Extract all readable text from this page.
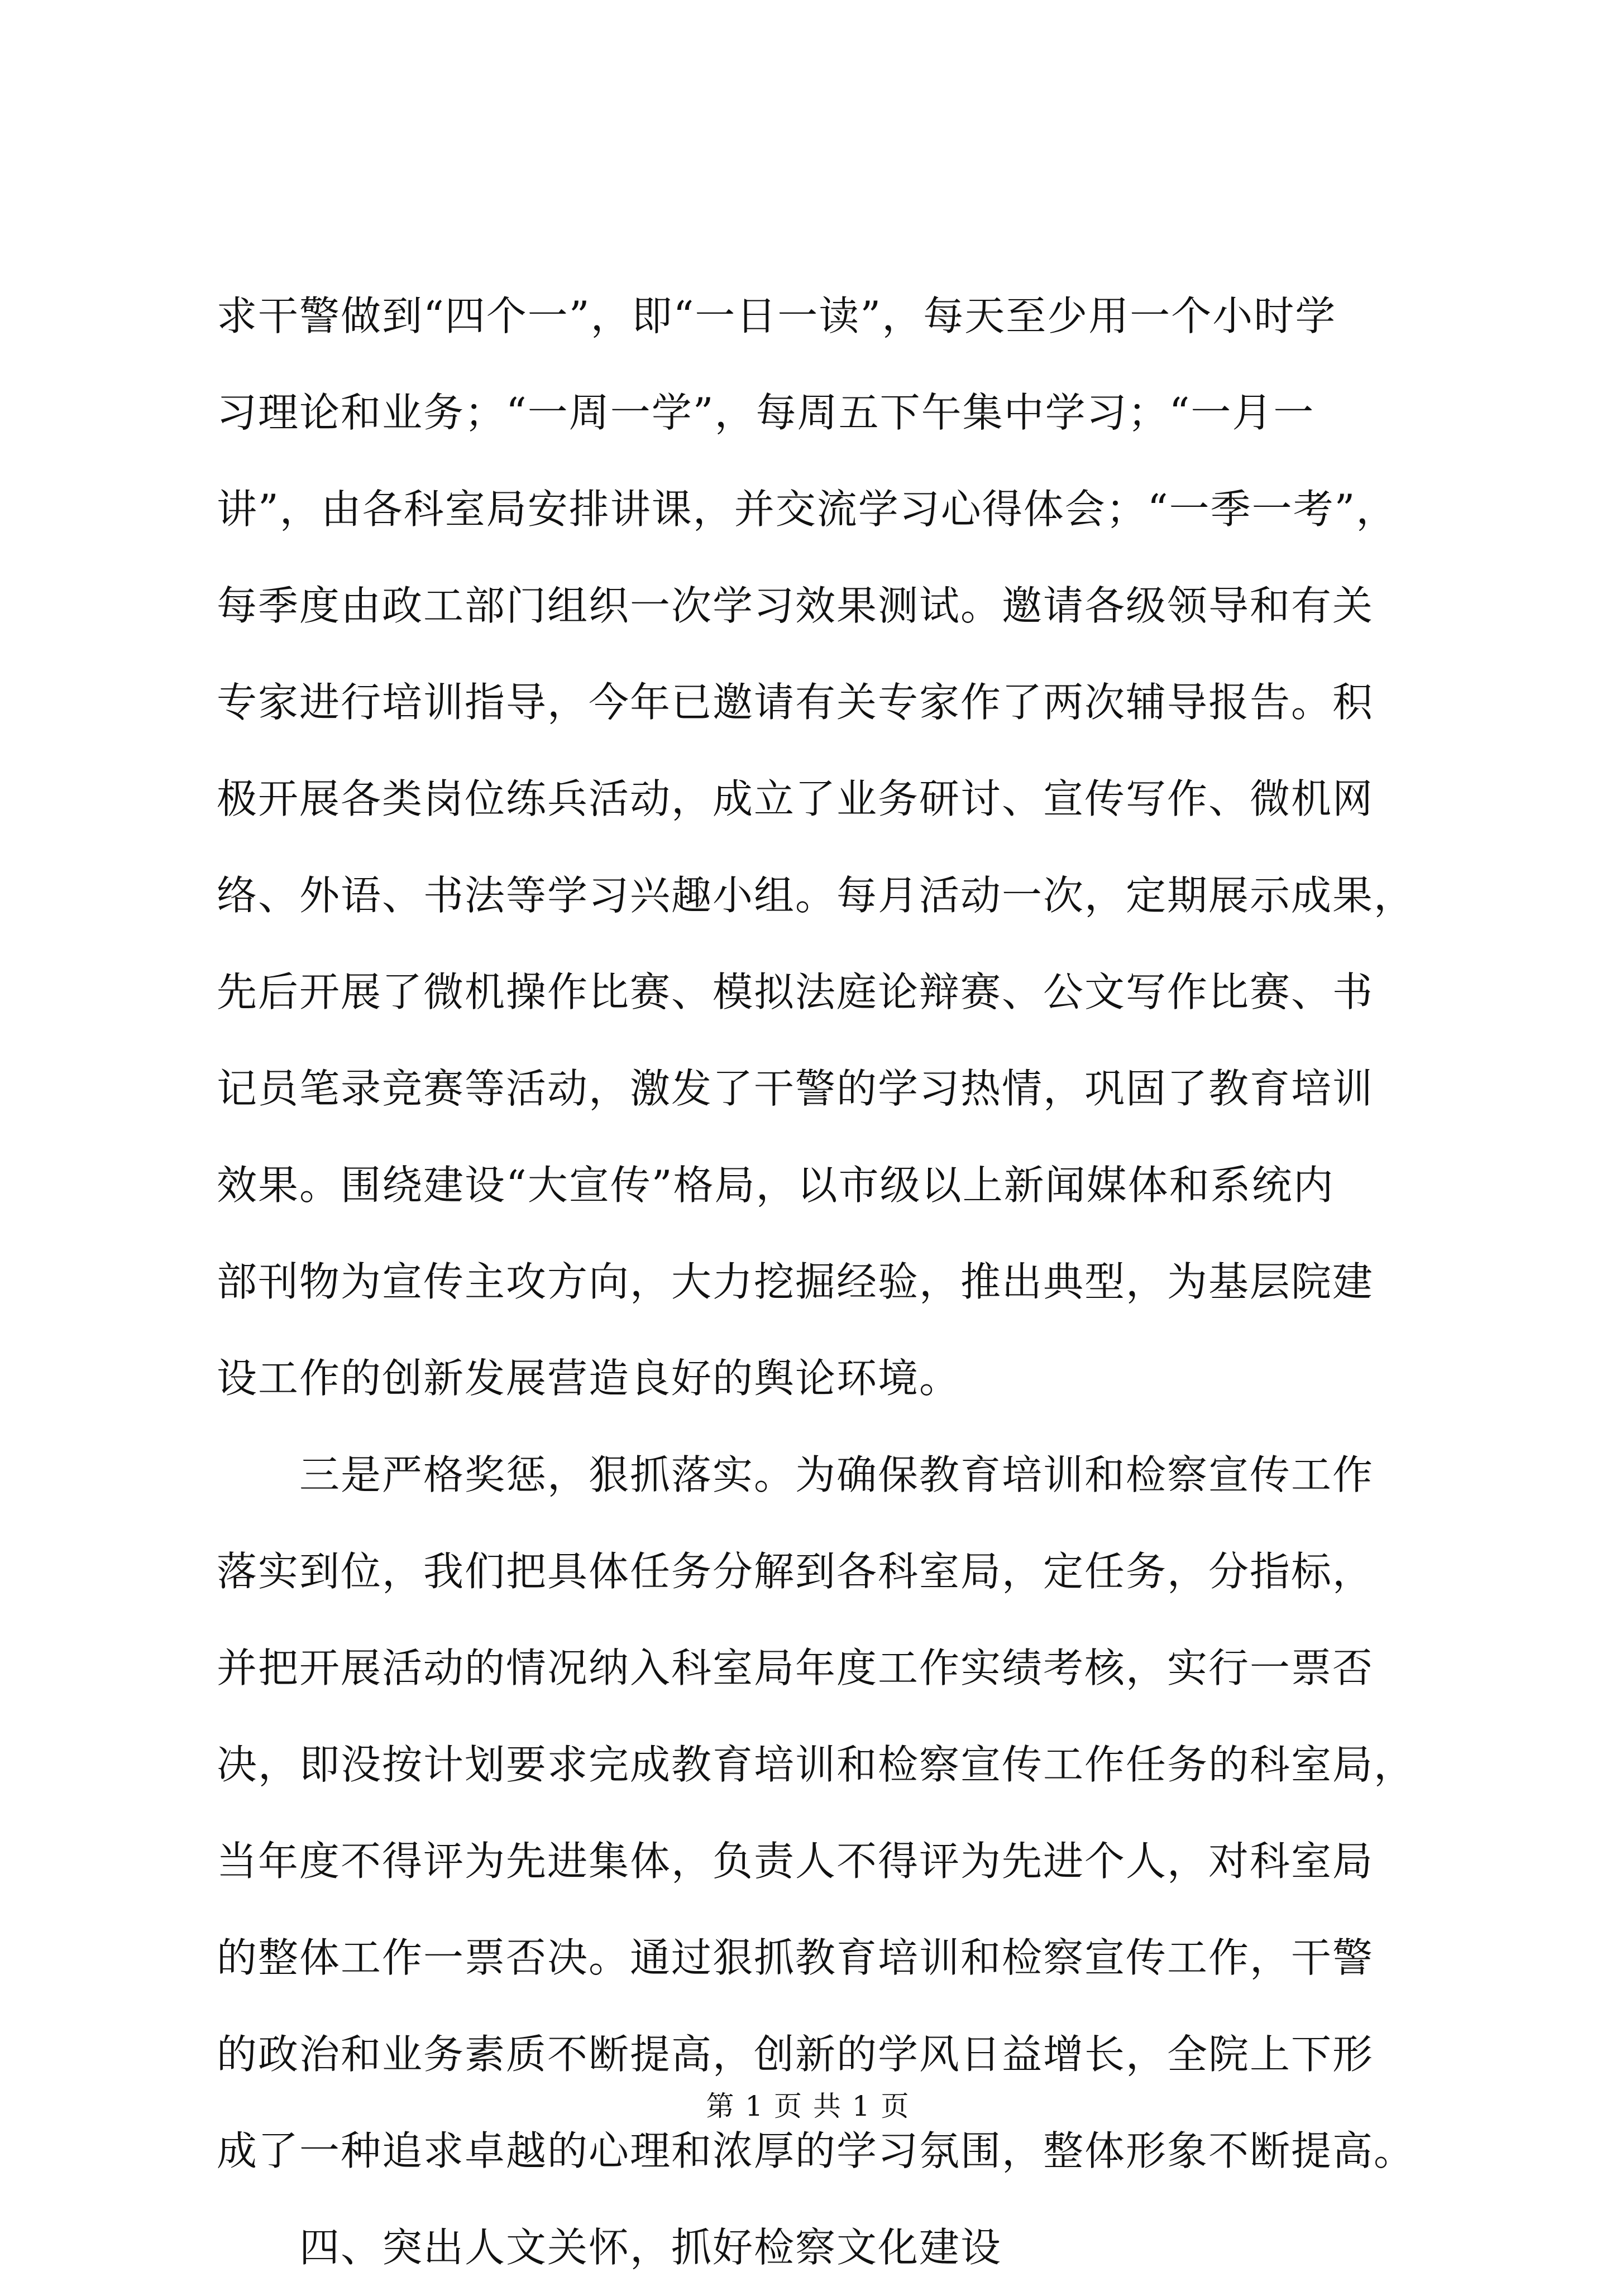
求干警做到“四个一”，即“一日一读”，每天至少用一个小时学
习理论和业务；“一周一学”，每周五下午集中学习；“一月一
讲”，由各科室局安排讲课，并交流学习心得体会；“一季一考”，
每季度由政工部门组织一次学习效果测试。邀请各级领导和有关
专家进行培训指导，今年已邀请有关专家作了两次辅导报告。积
极开展各类岗位练兵活动，成立了业务研讨、宣传写作、微机网
络、外语、书法等学习兴趣小组。每月活动一次，定期展示成果，
先后开展了微机操作比赛、模拟法庭论辩赛、公文写作比赛、书
记员笔录竞赛等活动，激发了干警的学习热情，巩固了教育培训
效果。围绕建设“大宣传”格局，以市级以上新闻媒体和系统内
部刊物为宣传主攻方向，大力挖掘经验，推出典型，为基层院建
设工作的创新发展营造良好的舆论环境。
三是严格奖惩，狠抓落实。为确保教育培训和检察宣传工作
落实到位，我们把具体任务分解到各科室局，定任务，分指标，
并把开展活动的情况纳入科室局年度工作实绩考核，实行一票否
决，即没按计划要求完成教育培训和检察宣传工作任务的科室局，
当年度不得评为先进集体，负责人不得评为先进个人，对科室局
的整体工作一票否决。通过狠抓教育培训和检察宣传工作，干警
的政治和业务素质不断提高，创新的学风日益增长，全院上下形
成了一种追求卓越的心理和浓厚的学习氛围，整体形象不断提高。
四、突出人文关怀，抓好检察文化建设
第 1 页 共 1 页
